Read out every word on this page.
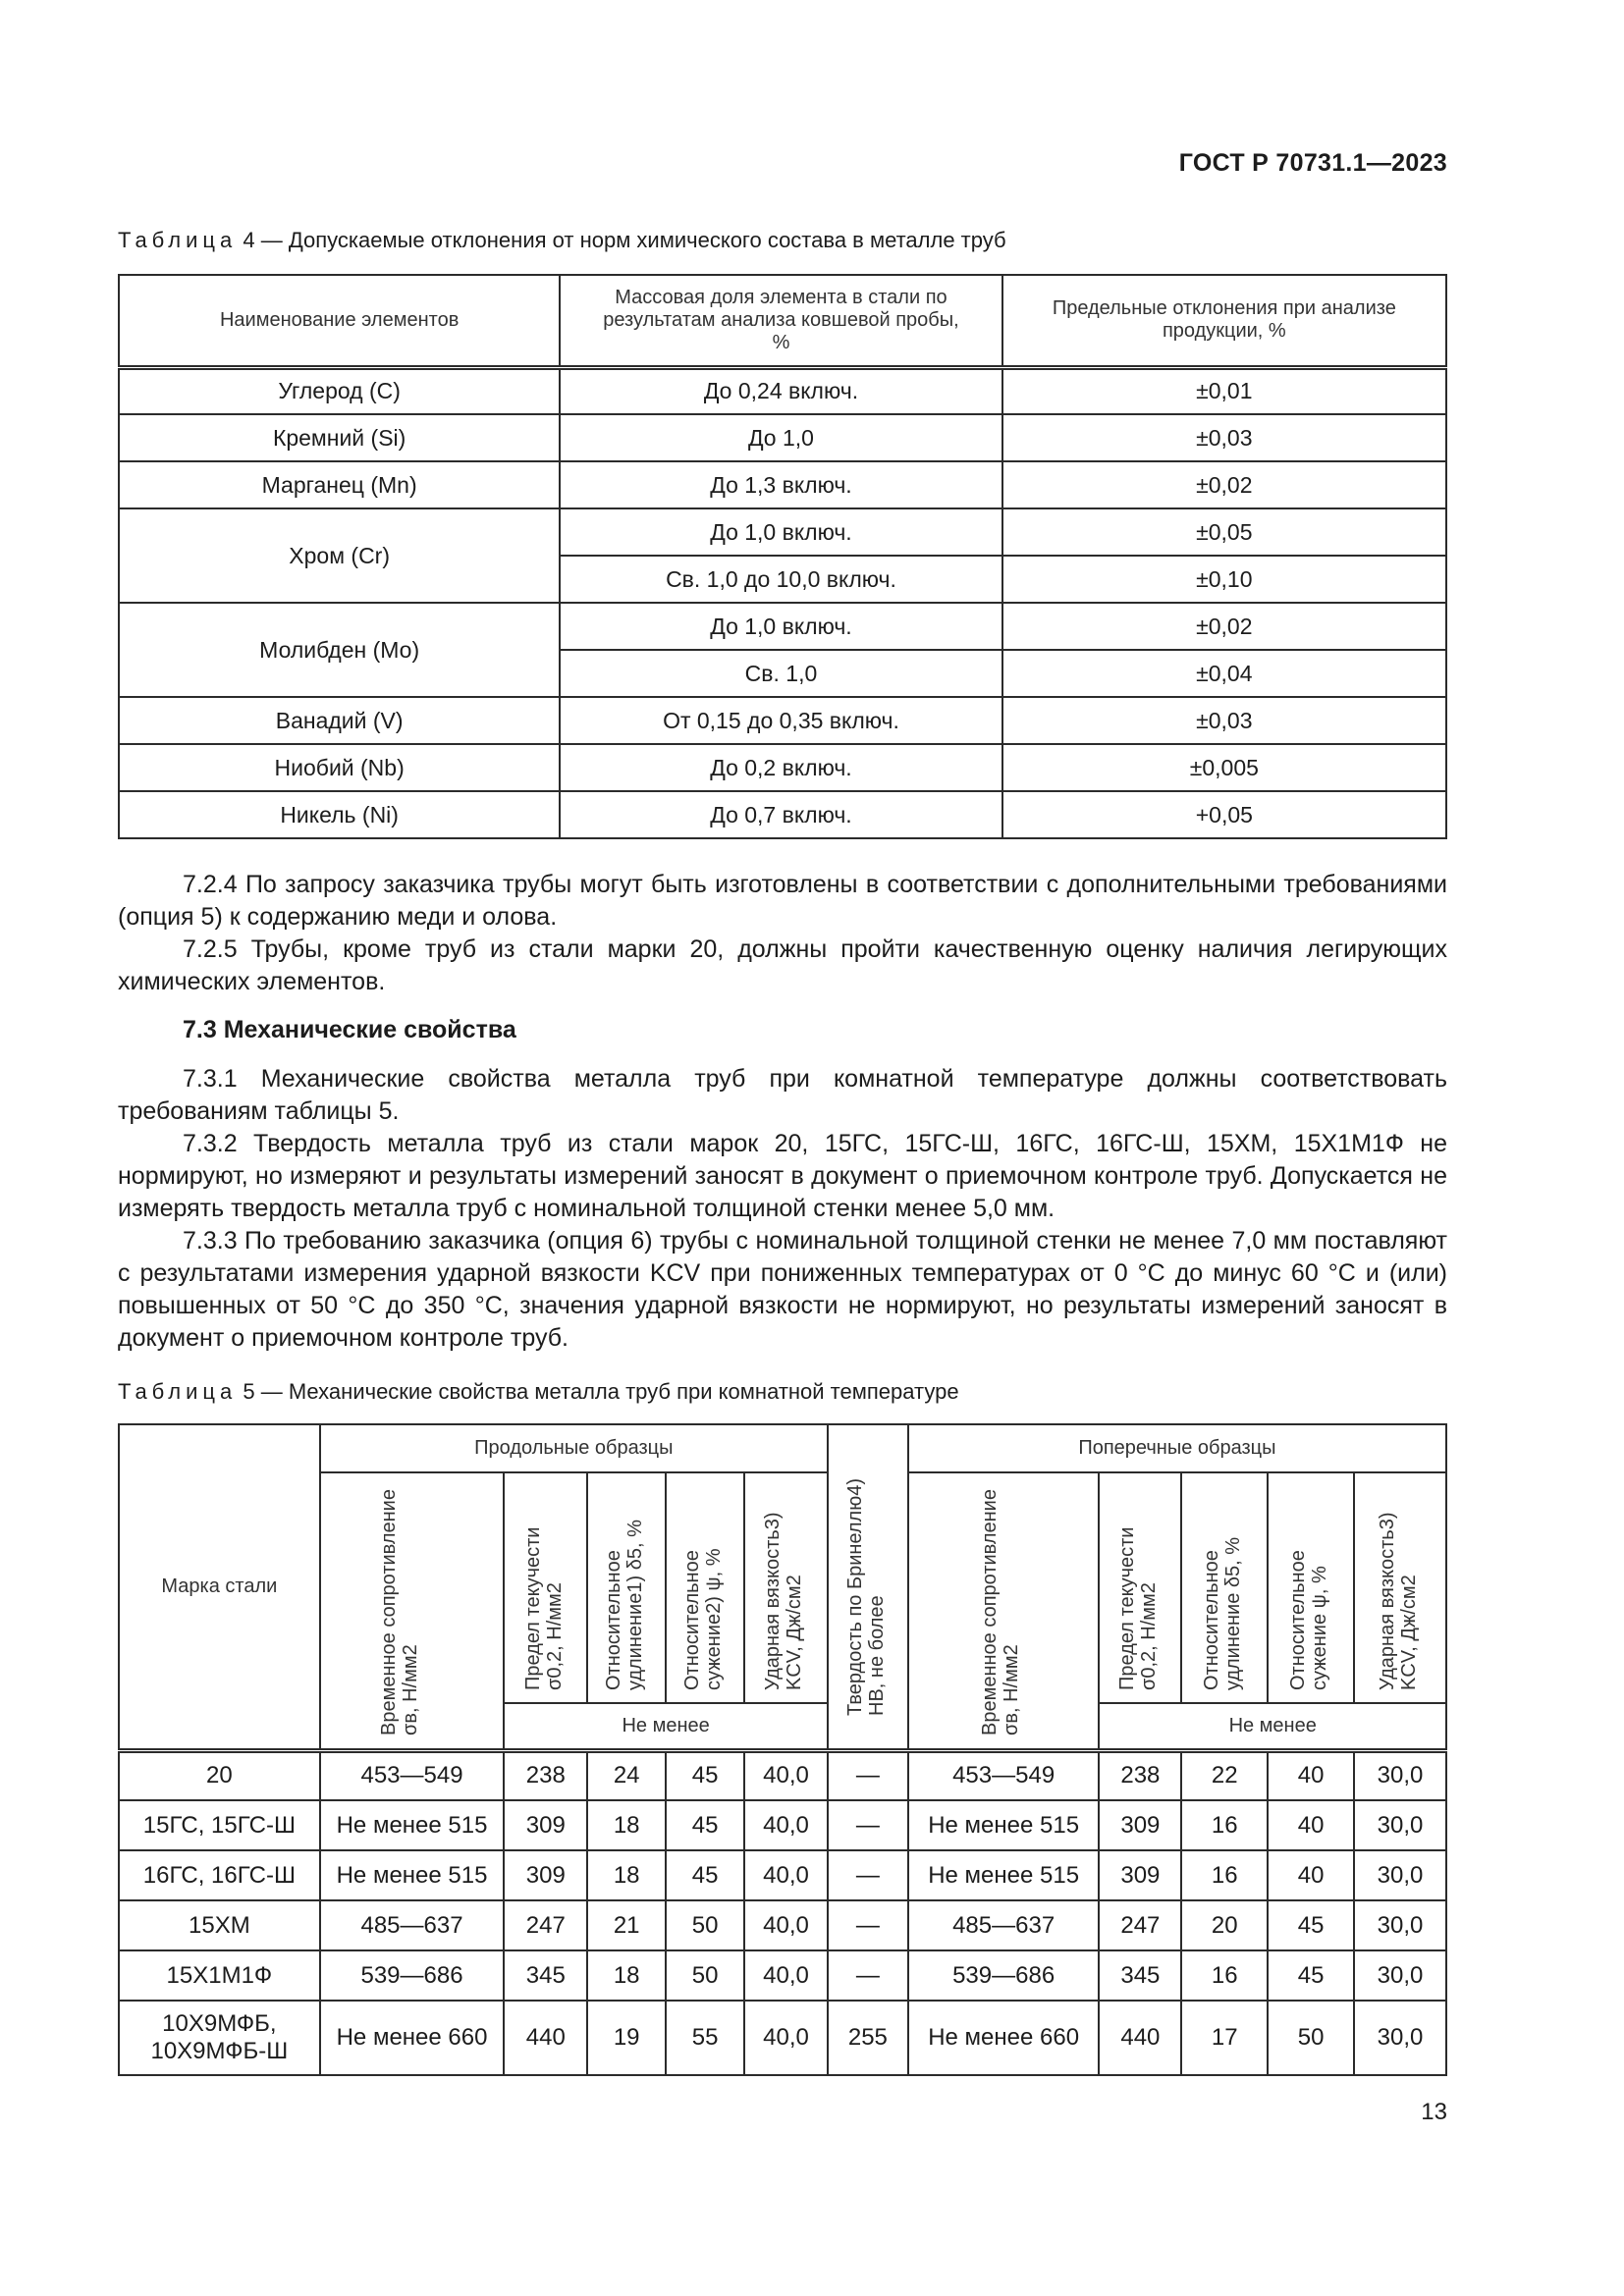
ГОСТ Р 70731.1—2023
Таблица 4 — Допускаемые отклонения от норм химического состава в металле труб
Наименование элементов	Массовая доля элемента в стали по результатам анализа ковшевой пробы, %	Предельные отклонения при анализе продукции, %
Углерод (С)	До 0,24 включ.	±0,01
Кремний (Si)	До 1,0	±0,03
Марганец (Mn)	До 1,3 включ.	±0,02
Хром (Cr)	До 1,0 включ.	±0,05
	Св. 1,0 до 10,0 включ.	±0,10
Молибден (Мо)	До 1,0 включ.	±0,02
	Св. 1,0	±0,04
Ванадий (V)	От 0,15 до 0,35 включ.	±0,03
Ниобий (Nb)	До 0,2 включ.	±0,005
Никель (Ni)	До 0,7 включ.	+0,05

7.2.4 По запросу заказчика трубы могут быть изготовлены в соответствии с дополнительными требованиями (опция 5) к содержанию меди и олова.

7.2.5 Трубы, кроме труб из стали марки 20, должны пройти качественную оценку наличия легирующих химических элементов.

7.3 Механические свойства

7.3.1 Механические свойства металла труб при комнатной температуре должны соответствовать требованиям таблицы 5.

7.3.2 Твердость металла труб из стали марок 20, 15ГС, 15ГС-Ш, 16ГС, 16ГС-Ш, 15ХМ, 15Х1М1Ф не нормируют, но измеряют и результаты измерений заносят в документ о приемочном контроле труб. Допускается не измерять твердость металла труб с номинальной толщиной стенки менее 5,0 мм.

7.3.3 По требованию заказчика (опция 6) трубы с номинальной толщиной стенки не менее 7,0 мм поставляют с результатами измерения ударной вязкости KCV при пониженных температурах от 0 °С до минус 60 °С и (или) повышенных от 50 °С до 350 °С, значения ударной вязкости не нормируют, но результаты измерений заносят в документ о приемочном контроле труб.

Таблица 5 — Механические свойства металла труб при комнатной температуре
Марка стали	Продольные образцы					Твердость по Бринеллю4) НВ, не более	Поперечные образцы				
	Временное сопротивление σв, Н/мм2	Предел текучести σ0,2, Н/мм2	Относительное удлинение1) δ5, %	Относительное сужение2) ψ, %	Ударная вязкость3) KCV, Дж/см2		Временное сопротивление σв, Н/мм2	Предел текучести σ0,2, Н/мм2	Относительное удлинение δ5, %	Относительное сужение ψ, %	Ударная вязкость3) KCV, Дж/см2
		Не менее						Не менее			
20	453—549	238	24	45	40,0	—	453—549	238	22	40	30,0
15ГС, 15ГС-Ш	Не менее 515	309	18	45	40,0	—	Не менее 515	309	16	40	30,0
16ГС, 16ГС-Ш	Не менее 515	309	18	45	40,0	—	Не менее 515	309	16	40	30,0
15ХМ	485—637	247	21	50	40,0	—	485—637	247	20	45	30,0
15Х1М1Ф	539—686	345	18	50	40,0	—	539—686	345	16	45	30,0
10Х9МФБ, 10Х9МФБ-Ш	Не менее 660	440	19	55	40,0	255	Не менее 660	440	17	50	30,0
13
